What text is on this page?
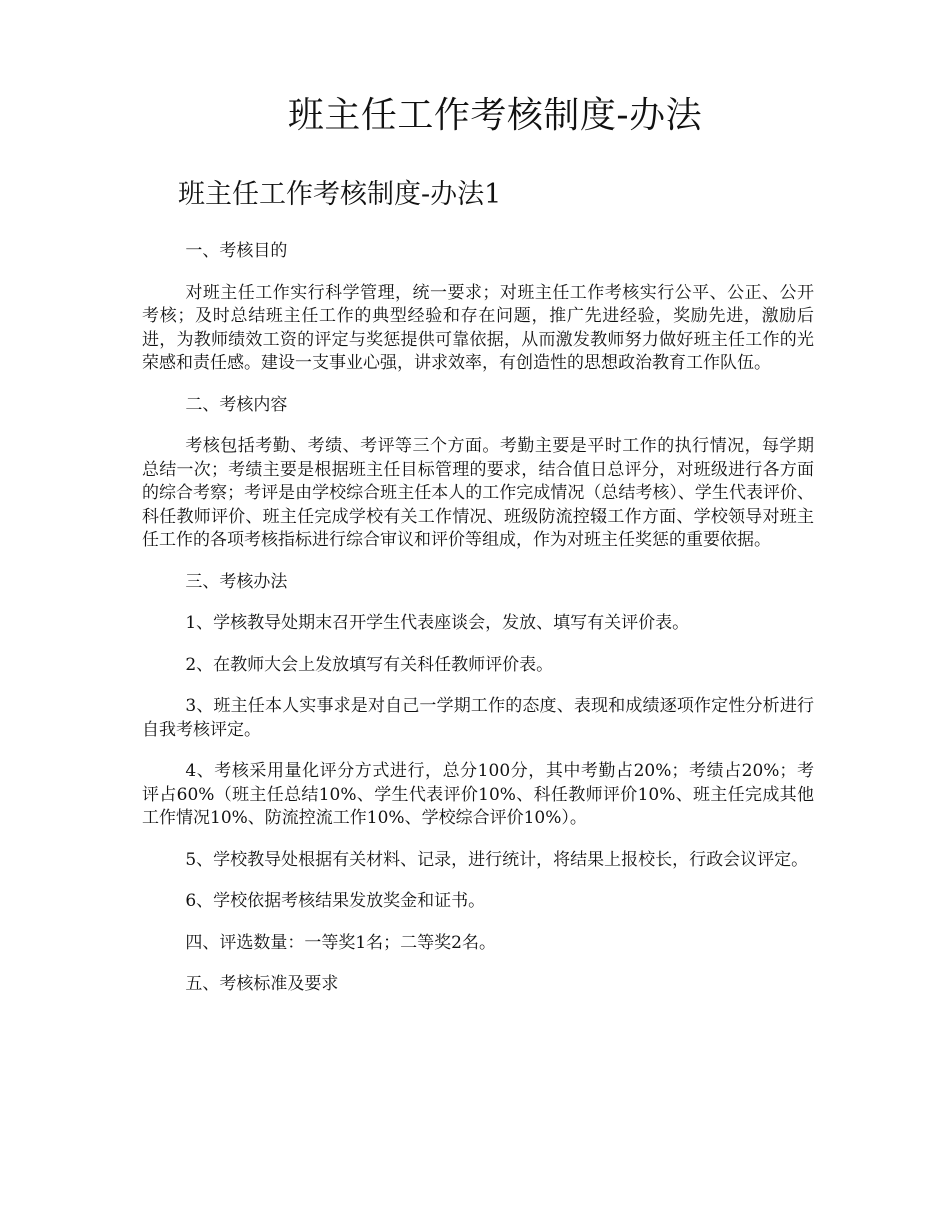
班主任工作考核制度-办法
班主任工作考核制度-办法1

一、考核目的

对班主任工作实行科学管理，统一要求；对班主任工作考核实行公平、公正、公开考核；及时总结班主任工作的典型经验和存在问题，推广先进经验，奖励先进，激励后进，为教师绩效工资的评定与奖惩提供可靠依据，从而激发教师努力做好班主任工作的光荣感和责任感。建设一支事业心强，讲求效率，有创造性的思想政治教育工作队伍。

二、考核内容

考核包括考勤、考绩、考评等三个方面。考勤主要是平时工作的执行情况，每学期总结一次；考绩主要是根据班主任目标管理的要求，结合值日总评分，对班级进行各方面的综合考察；考评是由学校综合班主任本人的工作完成情况（总结考核）、学生代表评价、科任教师评价、班主任完成学校有关工作情况、班级防流控辍工作方面、学校领导对班主任工作的各项考核指标进行综合审议和评价等组成，作为对班主任奖惩的重要依据。

三、考核办法

1、学核教导处期末召开学生代表座谈会，发放、填写有关评价表。

2、在教师大会上发放填写有关科任教师评价表。

3、班主任本人实事求是对自己一学期工作的态度、表现和成绩逐项作定性分析进行自我考核评定。

4、考核采用量化评分方式进行，总分100分，其中考勤占20%；考绩占20%；考评占60%（班主任总结10%、学生代表评价10%、科任教师评价10%、班主任完成其他工作情况10%、防流控流工作10%、学校综合评价10%）。

5、学校教导处根据有关材料、记录，进行统计，将结果上报校长，行政会议评定。

6、学校依据考核结果发放奖金和证书。

四、评选数量：一等奖1名；二等奖2名。

五、考核标准及要求
